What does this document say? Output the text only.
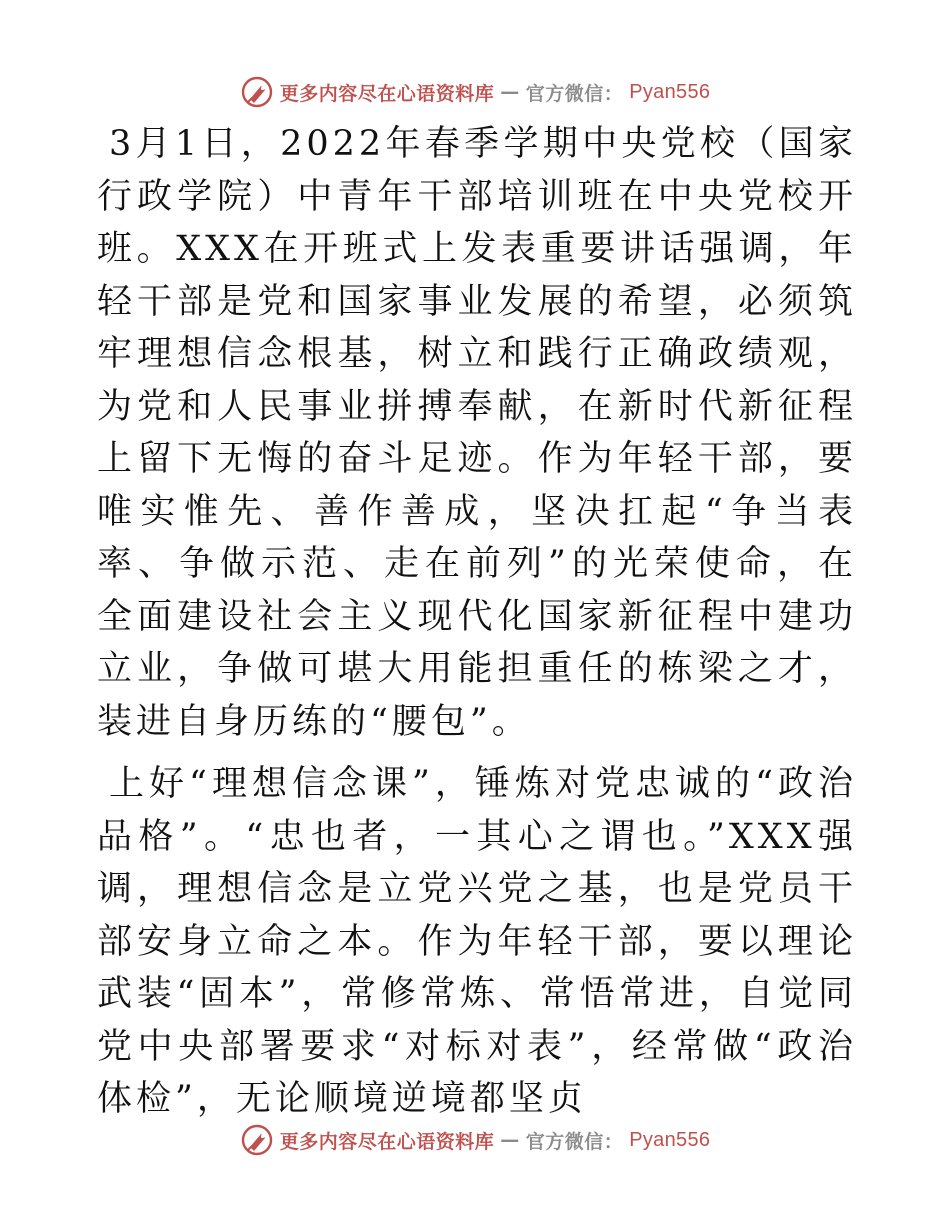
更多内容尽在心语资料库 — 官方微信： Pyan556

3月1日，2022年春季学期中央党校（国家行政学院）中青年干部培训班在中央党校开班。XXX在开班式上发表重要讲话强调，年轻干部是党和国家事业发展的希望，必须筑牢理想信念根基，树立和践行正确政绩观，为党和人民事业拼搏奉献，在新时代新征程上留下无悔的奋斗足迹。作为年轻干部，要唯实惟先、善作善成，坚决扛起“争当表率、争做示范、走在前列”的光荣使命，在全面建设社会主义现代化国家新征程中建功立业，争做可堪大用能担重任的栋梁之才，装进自身历练的“腰包”。

上好“理想信念课”，锤炼对党忠诚的“政治品格”。“忠也者，一其心之谓也。”XXX强调，理想信念是立党兴党之基，也是党员干部安身立命之本。作为年轻干部，要以理论武装“固本”，常修常炼、常悟常进，自觉同党中央部署要求“对标对表”，经常做“政治体检”，无论顺境逆境都坚贞

更多内容尽在心语资料库 — 官方微信： Pyan556
